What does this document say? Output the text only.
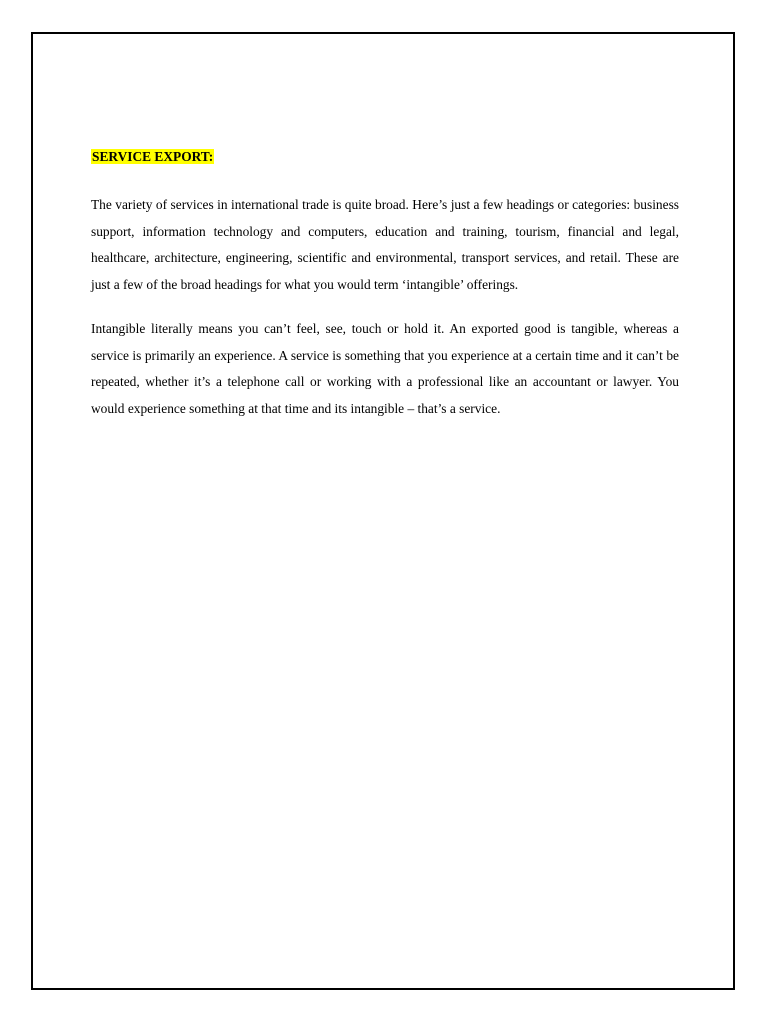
SERVICE EXPORT:

The variety of services in international trade is quite broad. Here’s just a few headings or categories: business support, information technology and computers, education and training, tourism, financial and legal, healthcare, architecture, engineering, scientific and environmental, transport services, and retail. These are just a few of the broad headings for what you would term ‘intangible’ offerings.

Intangible literally means you can’t feel, see, touch or hold it. An exported good is tangible, whereas a service is primarily an experience. A service is something that you experience at a certain time and it can’t be repeated, whether it’s a telephone call or working with a professional like an accountant or lawyer. You would experience something at that time and its intangible – that’s a service.
